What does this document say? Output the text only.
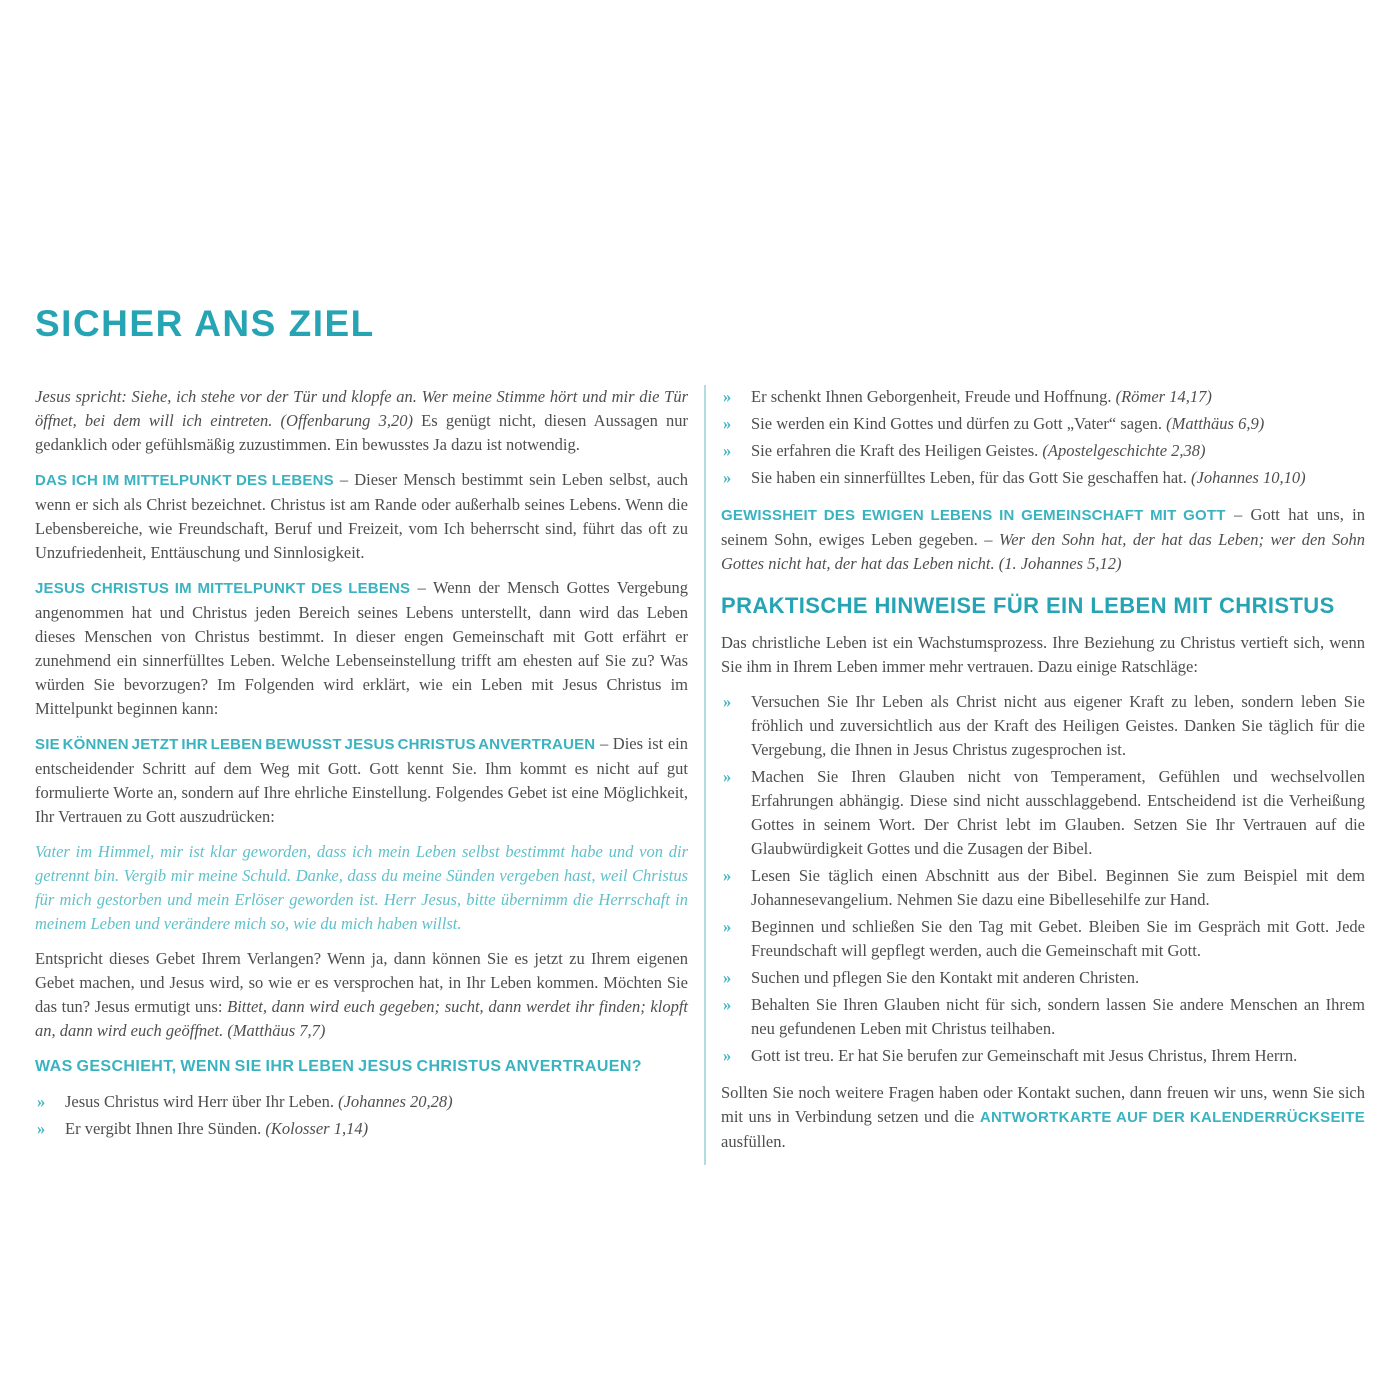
SICHER ANS ZIEL

Jesus spricht: Siehe, ich stehe vor der Tür und klopfe an. Wer meine Stimme hört und mir die Tür öffnet, bei dem will ich eintreten. (Offenbarung 3,20) Es genügt nicht, diesen Aussagen nur gedanklich oder gefühlsmäßig zuzustimmen. Ein bewusstes Ja dazu ist notwendig.

DAS ICH IM MITTELPUNKT DES LEBENS – Dieser Mensch bestimmt sein Leben selbst, auch wenn er sich als Christ bezeichnet. Christus ist am Rande oder außerhalb seines Lebens. Wenn die Lebensbereiche, wie Freundschaft, Beruf und Freizeit, vom Ich beherrscht sind, führt das oft zu Unzufriedenheit, Enttäuschung und Sinnlosigkeit.

JESUS CHRISTUS IM MITTELPUNKT DES LEBENS – Wenn der Mensch Gottes Vergebung angenommen hat und Christus jeden Bereich seines Lebens unterstellt, dann wird das Leben dieses Menschen von Christus bestimmt. In dieser engen Gemeinschaft mit Gott erfährt er zunehmend ein sinnerfülltes Leben. Welche Lebenseinstellung trifft am ehesten auf Sie zu? Was würden Sie bevorzugen? Im Folgenden wird erklärt, wie ein Leben mit Jesus Christus im Mittelpunkt beginnen kann:

SIE KÖNNEN JETZT IHR LEBEN BEWUSST JESUS CHRISTUS ANVERTRAUEN – Dies ist ein entscheidender Schritt auf dem Weg mit Gott. Gott kennt Sie. Ihm kommt es nicht auf gut formulierte Worte an, sondern auf Ihre ehrliche Einstellung. Folgendes Gebet ist eine Möglichkeit, Ihr Vertrauen zu Gott auszudrücken:

Vater im Himmel, mir ist klar geworden, dass ich mein Leben selbst bestimmt habe und von dir getrennt bin. Vergib mir meine Schuld. Danke, dass du meine Sünden vergeben hast, weil Christus für mich gestorben und mein Erlöser geworden ist. Herr Jesus, bitte übernimm die Herrschaft in meinem Leben und verändere mich so, wie du mich haben willst.

Entspricht dieses Gebet Ihrem Verlangen? Wenn ja, dann können Sie es jetzt zu Ihrem eigenen Gebet machen, und Jesus wird, so wie er es versprochen hat, in Ihr Leben kommen. Möchten Sie das tun? Jesus ermutigt uns: Bittet, dann wird euch gegeben; sucht, dann werdet ihr finden; klopft an, dann wird euch geöffnet. (Matthäus 7,7)

WAS GESCHIEHT, WENN SIE IHR LEBEN JESUS CHRISTUS ANVERTRAUEN?
» Jesus Christus wird Herr über Ihr Leben. (Johannes 20,28)
» Er vergibt Ihnen Ihre Sünden. (Kolosser 1,14)
» Er schenkt Ihnen Geborgenheit, Freude und Hoffnung. (Römer 14,17)
» Sie werden ein Kind Gottes und dürfen zu Gott „Vater“ sagen. (Matthäus 6,9)
» Sie erfahren die Kraft des Heiligen Geistes. (Apostelgeschichte 2,38)
» Sie haben ein sinnerfülltes Leben, für das Gott Sie geschaffen hat. (Johannes 10,10)

GEWISSHEIT DES EWIGEN LEBENS IN GEMEINSCHAFT MIT GOTT – Gott hat uns, in seinem Sohn, ewiges Leben gegeben. – Wer den Sohn hat, der hat das Leben; wer den Sohn Gottes nicht hat, der hat das Leben nicht. (1. Johannes 5,12)

PRAKTISCHE HINWEISE FÜR EIN LEBEN MIT CHRISTUS

Das christliche Leben ist ein Wachstumsprozess. Ihre Beziehung zu Christus vertieft sich, wenn Sie ihm in Ihrem Leben immer mehr vertrauen. Dazu einige Ratschläge:

» Versuchen Sie Ihr Leben als Christ nicht aus eigener Kraft zu leben, sondern leben Sie fröhlich und zuversichtlich aus der Kraft des Heiligen Geistes. Danken Sie täglich für die Vergebung, die Ihnen in Jesus Christus zugesprochen ist.
» Machen Sie Ihren Glauben nicht von Temperament, Gefühlen und wechselvollen Erfahrungen abhängig. Diese sind nicht ausschlaggebend. Entscheidend ist die Verheißung Gottes in seinem Wort. Der Christ lebt im Glauben. Setzen Sie Ihr Vertrauen auf die Glaubwürdigkeit Gottes und die Zusagen der Bibel.
» Lesen Sie täglich einen Abschnitt aus der Bibel. Beginnen Sie zum Beispiel mit dem Johannesevangelium. Nehmen Sie dazu eine Bibellesehilfe zur Hand.
» Beginnen und schließen Sie den Tag mit Gebet. Bleiben Sie im Gespräch mit Gott. Jede Freundschaft will gepflegt werden, auch die Gemeinschaft mit Gott.
» Suchen und pflegen Sie den Kontakt mit anderen Christen.
» Behalten Sie Ihren Glauben nicht für sich, sondern lassen Sie andere Menschen an Ihrem neu gefundenen Leben mit Christus teilhaben.
» Gott ist treu. Er hat Sie berufen zur Gemeinschaft mit Jesus Christus, Ihrem Herrn.

Sollten Sie noch weitere Fragen haben oder Kontakt suchen, dann freuen wir uns, wenn Sie sich mit uns in Verbindung setzen und die ANTWORTKARTE AUF DER KALENDERRÜCKSEITE ausfüllen.
